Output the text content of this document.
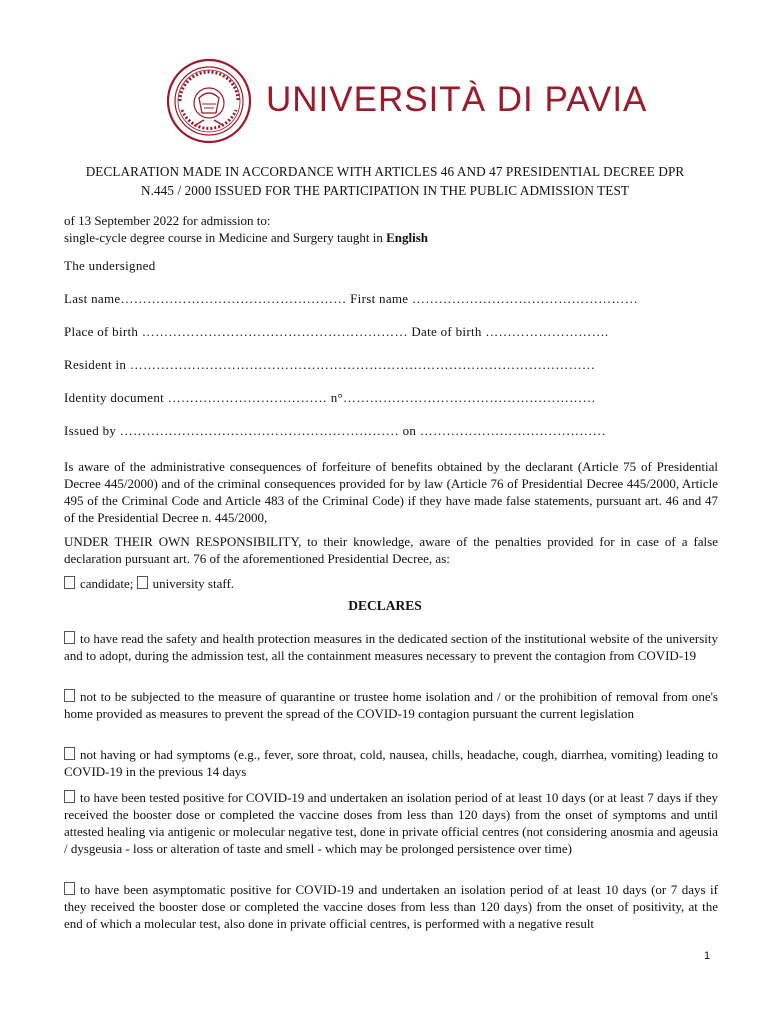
UNIVERSITÀ DI PAVIA
DECLARATION MADE IN ACCORDANCE WITH ARTICLES 46 AND 47 PRESIDENTIAL DECREE DPR
N.445 / 2000 ISSUED FOR THE PARTICIPATION IN THE PUBLIC ADMISSION TEST
of 13 September 2022 for admission to:
single-cycle degree course in Medicine and Surgery taught in English
The undersigned
Last name…………………………………………… First name ……………………………………………
Place of birth …………………………………………………… Date of birth ……………………….
Resident in ……………………………………………………………………………………………
Identity document ……………………………… n°…………………………………………………
Issued by ……………………………………………………… on ……………………………………
Is aware of the administrative consequences of forfeiture of benefits obtained by the declarant (Article 75 of Presidential Decree 445/2000) and of the criminal consequences provided for by law (Article 76 of Presidential Decree 445/2000, Article 495 of the Criminal Code and Article 483 of the Criminal Code) if they have made false statements, pursuant art. 46 and 47 of the Presidential Decree n. 445/2000,
UNDER THEIR OWN RESPONSIBILITY, to their knowledge, aware of the penalties provided for in case of a false declaration pursuant art. 76 of the aforementioned Presidential Decree, as:
candidate; university staff.
DECLARES
to have read the safety and health protection measures in the dedicated section of the institutional website of the university and to adopt, during the admission test, all the containment measures necessary to prevent the contagion from COVID-19
not to be subjected to the measure of quarantine or trustee home isolation and / or the prohibition of removal from one's home provided as measures to prevent the spread of the COVID-19 contagion pursuant the current legislation
not having or had symptoms (e.g., fever, sore throat, cold, nausea, chills, headache, cough, diarrhea, vomiting) leading to COVID-19 in the previous 14 days
to have been tested positive for COVID-19 and undertaken an isolation period of at least 10 days (or at least 7 days if they received the booster dose or completed the vaccine doses from less than 120 days) from the onset of symptoms and until attested healing via antigenic or molecular negative test, done in private official centres (not considering anosmia and ageusia / dysgeusia - loss or alteration of taste and smell - which may be prolonged persistence over time)
to have been asymptomatic positive for COVID-19 and undertaken an isolation period of at least 10 days (or 7 days if they received the booster dose or completed the vaccine doses from less than 120 days) from the onset of positivity, at the end of which a molecular test, also done in private official centres, is performed with a negative result
1
